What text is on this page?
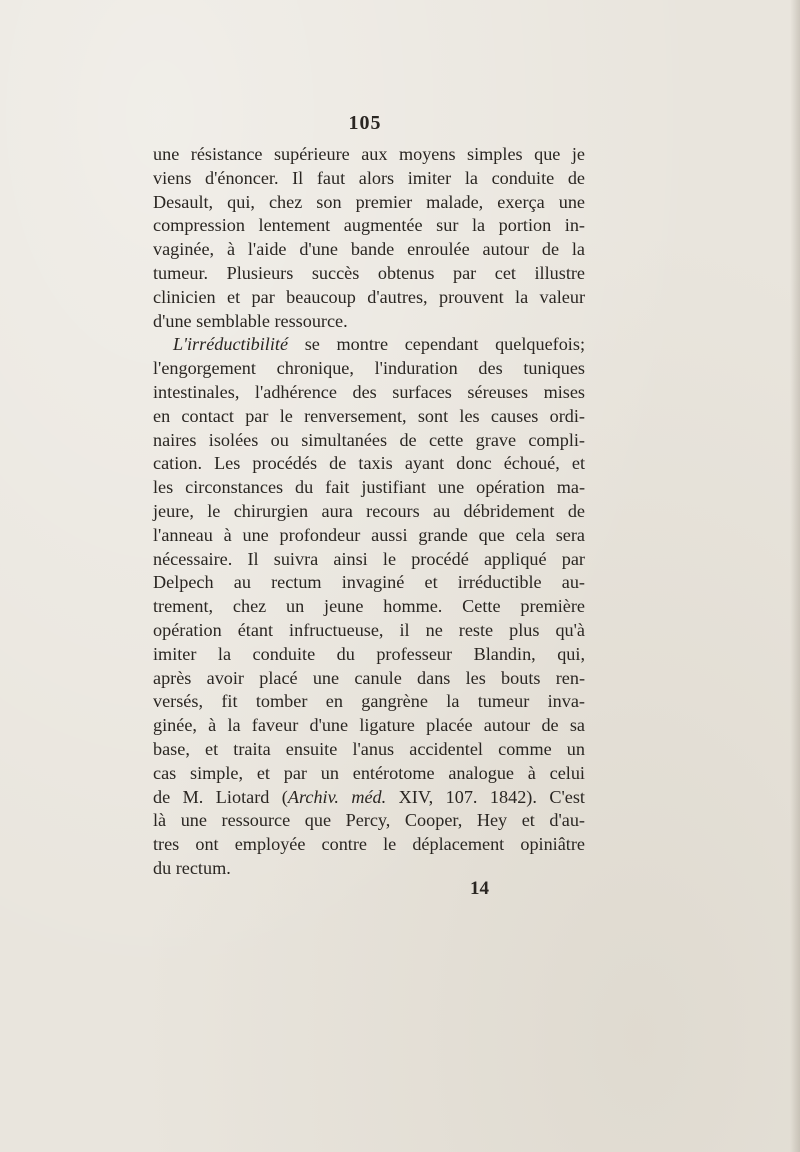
105
une résistance supérieure aux moyens simples que je
viens d'énoncer. Il faut alors imiter la conduite de
Desault, qui, chez son premier malade, exerça une
compression lentement augmentée sur la portion in-
vaginée, à l'aide d'une bande enroulée autour de la
tumeur. Plusieurs succès obtenus par cet illustre
clinicien et par beaucoup d'autres, prouvent la valeur
d'une semblable ressource.
L'irréductibilité se montre cependant quelquefois;
l'engorgement chronique, l'induration des tuniques
intestinales, l'adhérence des surfaces séreuses mises
en contact par le renversement, sont les causes ordi-
naires isolées ou simultanées de cette grave compli-
cation. Les procédés de taxis ayant donc échoué, et
les circonstances du fait justifiant une opération ma-
jeure, le chirurgien aura recours au débridement de
l'anneau à une profondeur aussi grande que cela sera
nécessaire. Il suivra ainsi le procédé appliqué par
Delpech au rectum invaginé et irréductible au-
trement, chez un jeune homme. Cette première
opération étant infructueuse, il ne reste plus qu'à
imiter la conduite du professeur Blandin, qui,
après avoir placé une canule dans les bouts ren-
versés, fit tomber en gangrène la tumeur inva-
ginée, à la faveur d'une ligature placée autour de sa
base, et traita ensuite l'anus accidentel comme un
cas simple, et par un entérotome analogue à celui
de M. Liotard (Archiv. méd. XIV, 107. 1842). C'est
là une ressource que Percy, Cooper, Hey et d'au-
tres ont employée contre le déplacement opiniâtre
du rectum.
14
